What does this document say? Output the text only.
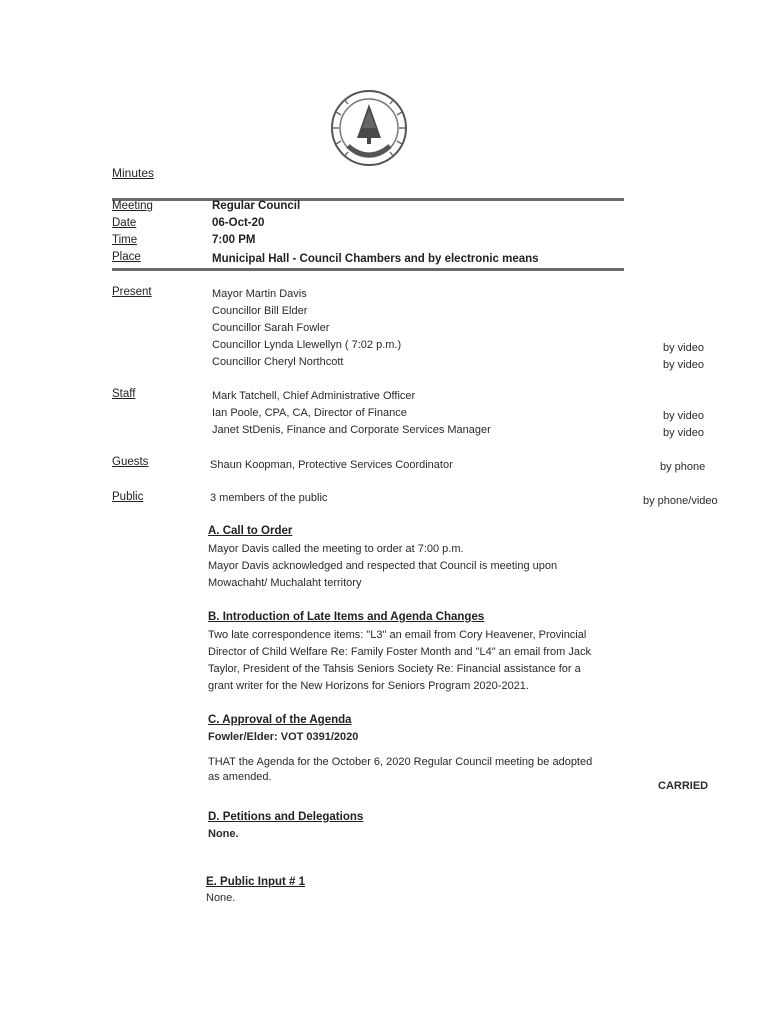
Minutes
Meeting	Regular Council
Date	06-Oct-20
Time	7:00 PM
Place	Municipal Hall - Council Chambers and by electronic means
Present	Mayor Martin Davis
Councillor Bill Elder
Councillor Sarah Fowler
Councillor Lynda Llewellyn ( 7:02 p.m.)	by video
Councillor Cheryl Northcott	by video
Staff	Mark Tatchell, Chief Administrative Officer
Ian Poole, CPA, CA, Director of Finance	by video
Janet StDenis, Finance and Corporate Services Manager	by video
Guests	Shaun Koopman, Protective Services Coordinator	by phone
Public	3 members of the public	by phone/video
A. Call to Order
Mayor Davis called the meeting to order at 7:00 p.m.
Mayor Davis acknowledged and respected that Council is meeting upon
Mowachaht/ Muchalaht territory
B. Introduction of Late Items and Agenda Changes
Two late correspondence items: "L3" an email from Cory Heavener, Provincial
Director of Child Welfare Re: Family Foster Month and "L4" an email from Jack
Taylor, President of the Tahsis Seniors Society Re: Financial assistance for a
grant writer for the New Horizons for Seniors Program 2020-2021.
C. Approval of the Agenda
Fowler/Elder: VOT 0391/2020
THAT the Agenda for the October 6, 2020 Regular Council meeting be adopted
as amended.
CARRIED
D. Petitions and Delegations
None.
E. Public Input # 1
None.
